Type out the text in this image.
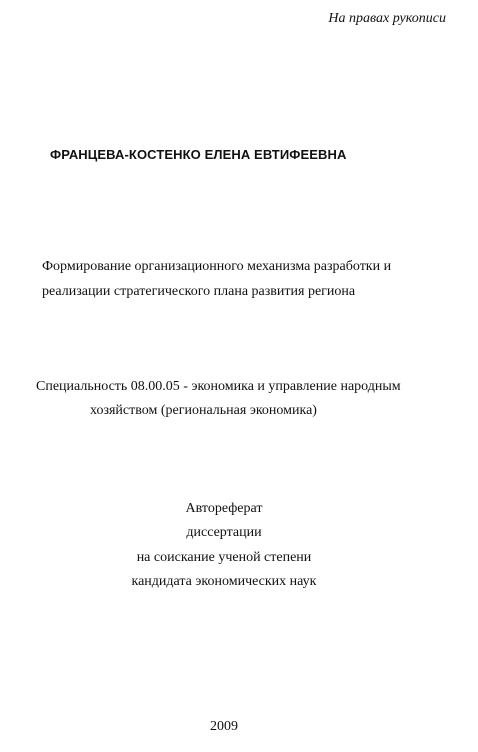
На правах рукописи
ФРАНЦЕВА-КОСТЕНКО ЕЛЕНА ЕВТИФЕЕВНА
Формирование организационного механизма разработки и
реализации стратегического плана развития региона
Специальность 08.00.05 - экономика и управление народным
хозяйством (региональная экономика)
Автореферат
диссертации
на соискание ученой степени
кандидата экономических наук
2009
